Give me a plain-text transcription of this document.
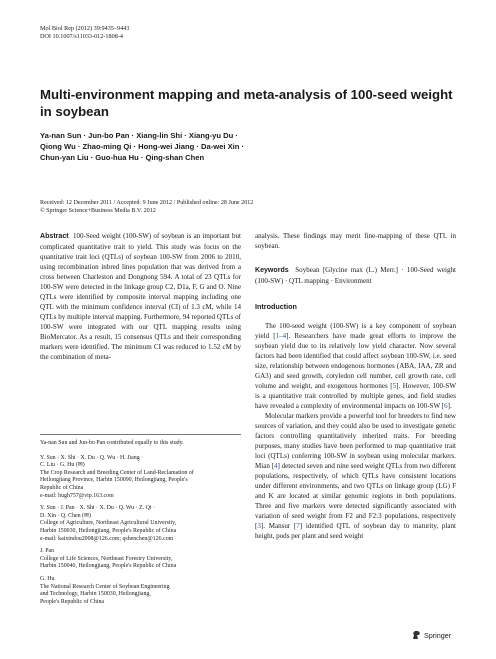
Mol Biol Rep (2012) 39:9435–9443
DOI 10.1007/s11033-012-1808-4
Multi-environment mapping and meta-analysis of 100-seed weight
in soybean
Ya-nan Sun · Jun-bo Pan · Xiang-lin Shi · Xiang-yu Du ·
Qiong Wu · Zhao-ming Qi · Hong-wei Jiang · Da-wei Xin ·
Chun-yan Liu · Guo-hua Hu · Qing-shan Chen
Received: 12 December 2011 / Accepted: 9 June 2012 / Published online: 28 June 2012
© Springer Science+Business Media B.V. 2012

Abstract 100-Seed weight (100-SW) of soybean is an important but complicated quantitative trait to yield. This study was focus on the quantitative trait loci (QTLs) of soybean 100-SW from 2006 to 2010, using recombination inbred lines population that was derived from a cross between Charleston and Dongnong 594. A total of 23 QTLs for 100-SW were detected in the linkage group C2, D1a, F, G and O. Nine QTLs were identified by composite interval mapping including one QTL with the minimum confidence interval (CI) of 1.3 cM, while 14 QTLs by multiple interval mapping. Furthermore, 94 reported QTLs of 100-SW were integrated with our QTL mapping results using BioMercator. As a result, 15 consensus QTLs and their corresponding markers were identified. The minimum CI was reduced to 1.52 cM by the combination of meta-

Ya-nan Sun and Jun-bo Pan contributed equally to this study.
Y. Sun · X. Shi · X. Du · Q. Wu · H. Jiang ·
C. Liu · G. Hu (✉)
The Crop Research and Breeding Center of Land-Reclamation of
Heilongjiang Province, Harbin 150090, Heilongjiang, People's
Republic of China
e-mail: hugh757@vip.163.com
Y. Sun · J. Pan · X. Shi · X. Du · Q. Wu · Z. Qi ·
D. Xin · Q. Chen (✉)
College of Agriculture, Northeast Agricultural University,
Harbin 150030, Heilongjiang, People's Republic of China
e-mail: kaixindou2008@126.com; qshenchen@126.com
J. Pan
College of Life Sciences, Northeast Forestry University,
Harbin 150040, Heilongjiang, People's Republic of China
G. Hu
The National Research Center of Soybean Engineering
and Technology, Harbin 150030, Heilongjiang,
People's Republic of China

analysis. These findings may merit fine-mapping of these QTL in soybean.

Keywords Soybean [Glycine max (L.) Merr.] · 100-Seed weight (100-SW) · QTL mapping · Environment

Introduction

The 100-seed weight (100-SW) is a key component of soybean yield [1–4]. Researchers have made great efforts to improve the soybean yield due to its relatively low yield character. Now several factors had been identified that could affect soybean 100-SW, i.e. seed size, relationship between endogenous hormones (ABA, IAA, ZR and GA3) and seed growth, cotyledon cell number, cell growth rate, cell volume and weight, and exogenous hormones [5]. However, 100-SW is a quantitative trait controlled by multiple genes, and field studies have revealed a complexity of environmental impacts on 100-SW [6].

Molecular markers provide a powerful tool for breeders to find new sources of variation, and they could also be used to investigate genetic factors controlling quantitatively inherited traits. For breeding purposes, many studies have been performed to map quantitative trait loci (QTLs) conferring 100-SW in soybean using molecular markers. Mian [4] detected seven and nine seed weight QTLs from two different populations, respectively, of which QTLs have consistent locations under different environments, and two QTLs on linkage group (LG) F and K are located at similar genomic regions in both populations. Three and five markers were detected significantly associated with variation of seed weight from F2 and F2:3 populations, respectively [3]. Mansur [7] identified QTL of soybean day to maturity, plant height, pods per plant and seed weight

Springer
